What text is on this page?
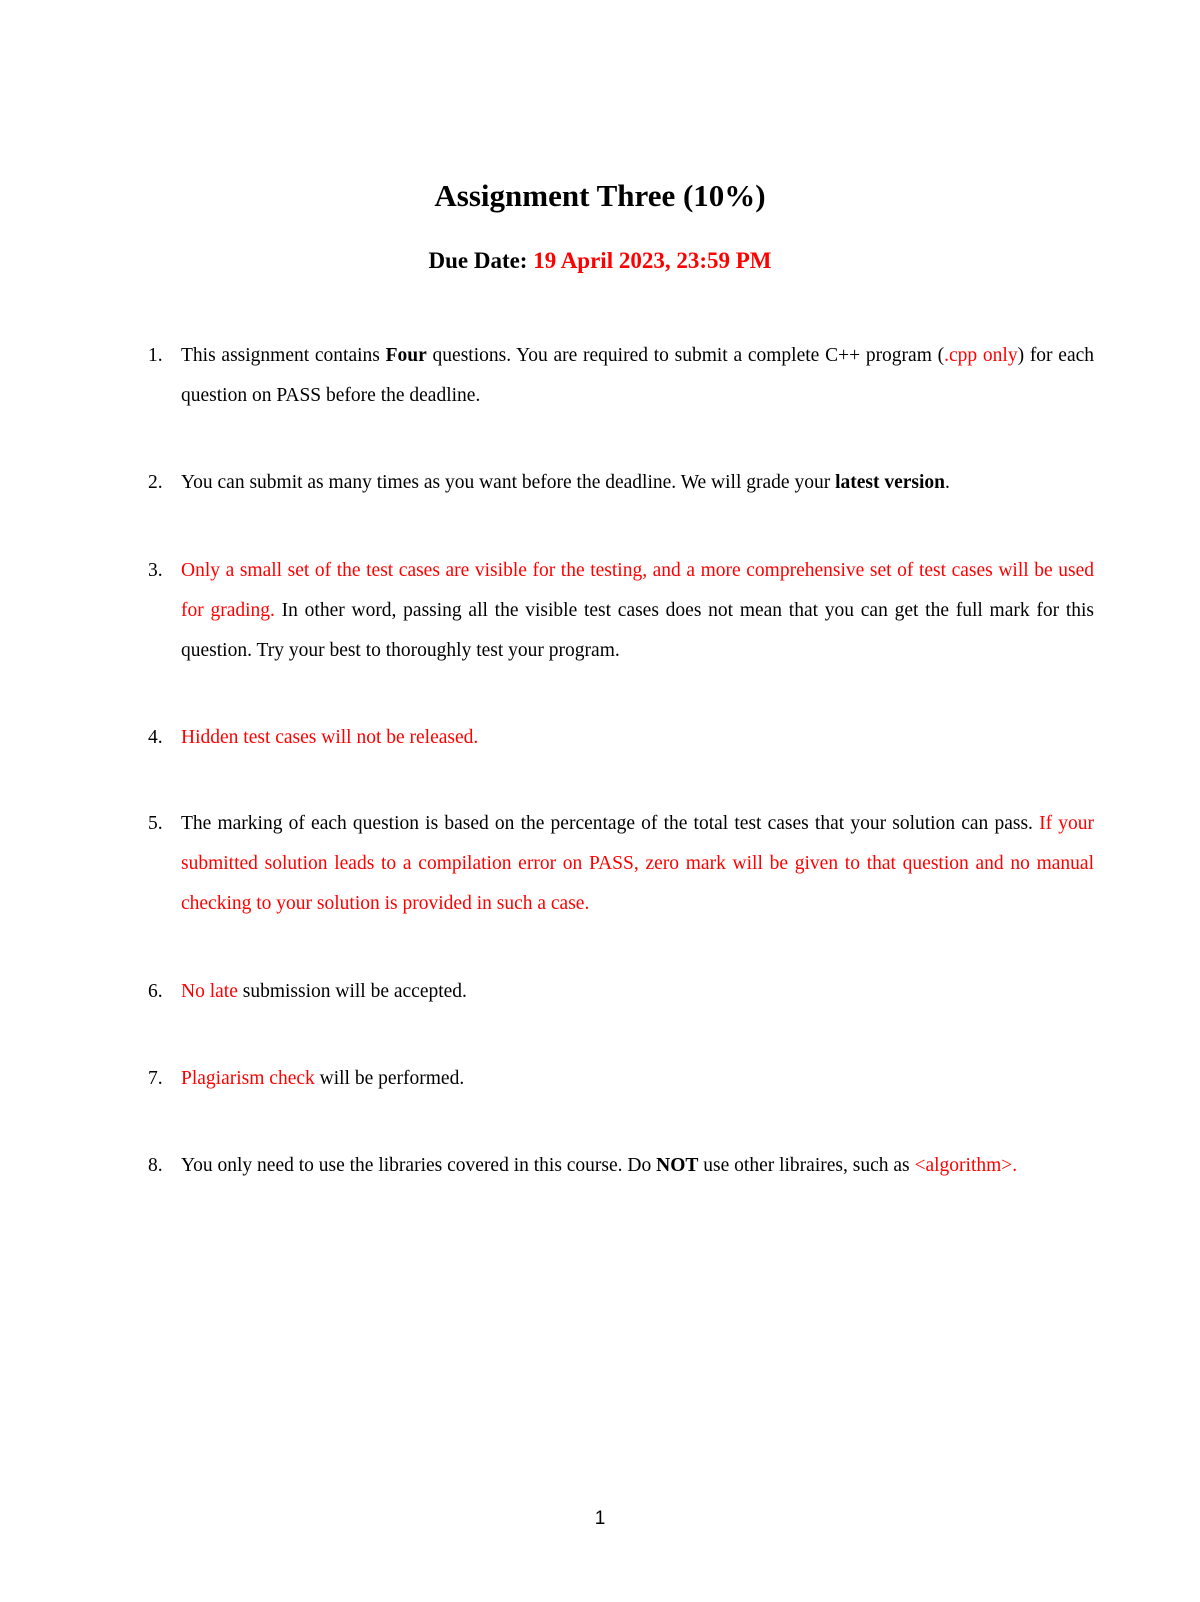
Assignment Three (10%)

Due Date: 19 April 2023, 23:59 PM

1. This assignment contains Four questions. You are required to submit a complete C++ program (.cpp only) for each question on PASS before the deadline.
2. You can submit as many times as you want before the deadline. We will grade your latest version.
3. Only a small set of the test cases are visible for the testing, and a more comprehensive set of test cases will be used for grading. In other word, passing all the visible test cases does not mean that you can get the full mark for this question. Try your best to thoroughly test your program.
4. Hidden test cases will not be released.
5. The marking of each question is based on the percentage of the total test cases that your solution can pass. If your submitted solution leads to a compilation error on PASS, zero mark will be given to that question and no manual checking to your solution is provided in such a case.
6. No late submission will be accepted.
7. Plagiarism check will be performed.
8. You only need to use the libraries covered in this course. Do NOT use other libraires, such as <algorithm>.
1
